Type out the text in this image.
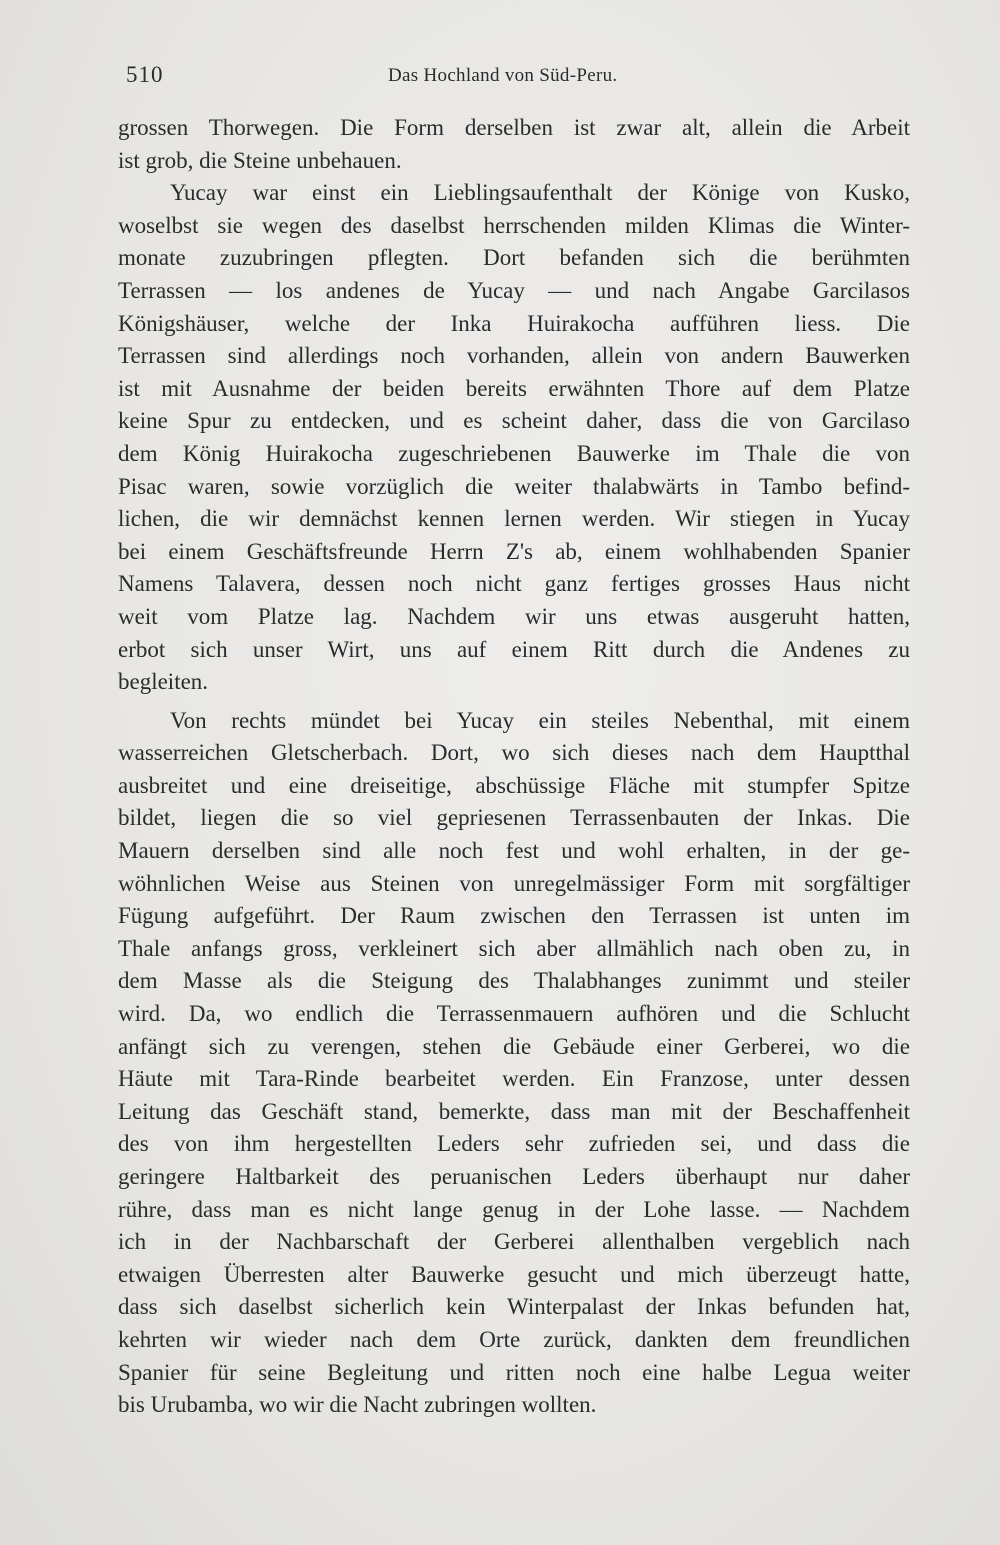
510	Das Hochland von Süd-Peru.
grossen Thorwegen. Die Form derselben ist zwar alt, allein die Arbeit
ist grob, die Steine unbehauen.
Yucay war einst ein Lieblingsaufenthalt der Könige von Kusko,
woselbst sie wegen des daselbst herrschenden milden Klimas die Winter-
monate zuzubringen pflegten. Dort befanden sich die berühmten
Terrassen — los andenes de Yucay — und nach Angabe Garcilasos
Königshäuser, welche der Inka Huirakocha aufführen liess. Die
Terrassen sind allerdings noch vorhanden, allein von andern Bauwerken
ist mit Ausnahme der beiden bereits erwähnten Thore auf dem Platze
keine Spur zu entdecken, und es scheint daher, dass die von Garcilaso
dem König Huirakocha zugeschriebenen Bauwerke im Thale die von
Pisac waren, sowie vorzüglich die weiter thalabwärts in Tambo befind-
lichen, die wir demnächst kennen lernen werden. Wir stiegen in Yucay
bei einem Geschäftsfreunde Herrn Z's ab, einem wohlhabenden Spanier
Namens Talavera, dessen noch nicht ganz fertiges grosses Haus nicht
weit vom Platze lag. Nachdem wir uns etwas ausgeruht hatten,
erbot sich unser Wirt, uns auf einem Ritt durch die Andenes zu
begleiten.
Von rechts mündet bei Yucay ein steiles Nebenthal, mit einem
wasserreichen Gletscherbach. Dort, wo sich dieses nach dem Hauptthal
ausbreitet und eine dreiseitige, abschüssige Fläche mit stumpfer Spitze
bildet, liegen die so viel gepriesenen Terrassenbauten der Inkas. Die
Mauern derselben sind alle noch fest und wohl erhalten, in der ge-
wöhnlichen Weise aus Steinen von unregelmässiger Form mit sorgfältiger
Fügung aufgeführt. Der Raum zwischen den Terrassen ist unten im
Thale anfangs gross, verkleinert sich aber allmählich nach oben zu, in
dem Masse als die Steigung des Thalabhanges zunimmt und steiler
wird. Da, wo endlich die Terrassenmauern aufhören und die Schlucht
anfängt sich zu verengen, stehen die Gebäude einer Gerberei, wo die
Häute mit Tara-Rinde bearbeitet werden. Ein Franzose, unter dessen
Leitung das Geschäft stand, bemerkte, dass man mit der Beschaffenheit
des von ihm hergestellten Leders sehr zufrieden sei, und dass die
geringere Haltbarkeit des peruanischen Leders überhaupt nur daher
rühre, dass man es nicht lange genug in der Lohe lasse. — Nachdem
ich in der Nachbarschaft der Gerberei allenthalben vergeblich nach
etwaigen Überresten alter Bauwerke gesucht und mich überzeugt hatte,
dass sich daselbst sicherlich kein Winterpalast der Inkas befunden hat,
kehrten wir wieder nach dem Orte zurück, dankten dem freundlichen
Spanier für seine Begleitung und ritten noch eine halbe Legua weiter
bis Urubamba, wo wir die Nacht zubringen wollten.
